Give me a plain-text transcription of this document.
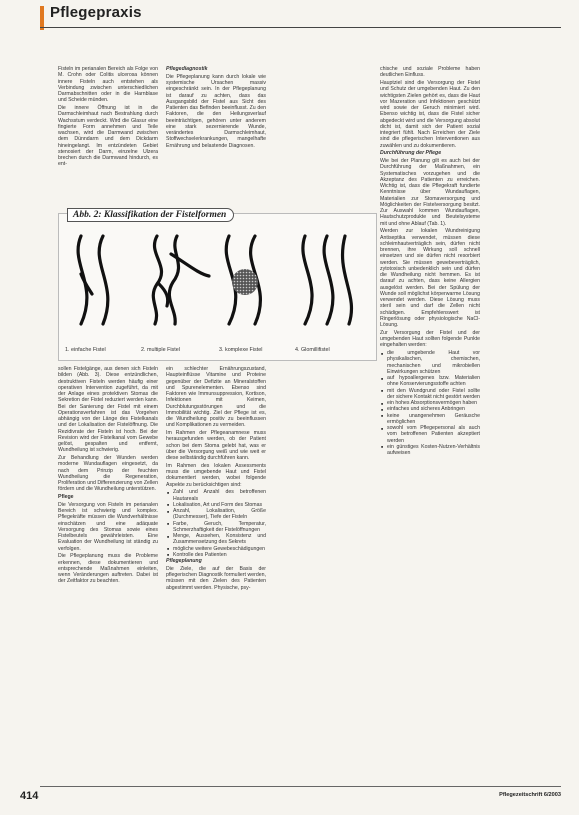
Pflegepraxis

Fisteln im perianalen Bereich als Folge von M. Crohn oder Colitis ulcerosa können innere Fisteln auch entstehen als Verbindung zwischen unterschiedlichen Darmabschnitten oder in die Harnblase und Scheide münden.

Die innere Öffnung ist in die Darmschleimhaut nach Bestrahlung durch Wachsstum verdeckt. Wird die Glasur eine fingierte Form annehmen und Teile wachsen, wird die Darmwand zwischen dem Dünndarm und dem Dickdarm hineingelangt. Im entzündeten Gebiet stenosiert der Darm, einzelne Ulzera brechen durch die Darmwand hindurch, es ent-

Pflegediagnostik

Die Pflegeplanung kann durch lokale wie systemische Ursachen massiv eingeschränkt sein. In der Pflegeplanung ist darauf zu achten, dass das Ausgangsbild der Fistel aus Sicht des Patienten das Befinden beeinflusst. Zu den Faktoren, die den Heilungsverlauf beeinträchtigen, gehören unter anderem eine stark sezernierende Wunde, verändertes Darmschleimhaut, Stoffwechselerkrankungen, mangelhafte Ernährung und belastende Diagnosen.

Abb. 2: Klassifikation der Fistelformen
1. einfache Fistel	2. multiple Fistel	3. komplexe Fistel	4. Glomillifistel

sollen Fistelgänge, aus denen sich Fisteln bilden (Abb. 3). Diese entzündlichen, destruktiven Fisteln werden häufig einer operativen Intervention zugeführt, da mit der Anlage eines protektiven Stomas die Sekretion der Fistel reduziert werden kann. Bei der Sanierung der Fistel mit einem Operationsverfahren ist das Vorgehen abhängig von der Länge des Fistelkanals und der Lokalisation der Fistelöffnung. Die Rezidivrate der Fisteln ist hoch. Bei der Revision wird der Fistelkanal vom Gewebe gelöst, gespalten und entfernt, Wundheilung ist schwierig.

Zur Behandlung der Wunden werden moderne Wundauflagen eingesetzt, da nach dem Prinzip der feuchten Wundheilung die Regeneration, Proliferation und Differenzierung von Zellen fördern und die Wundheilung unterstützen.

Pflege

Die Versorgung von Fisteln im perianalen Bereich ist schwierig und komplex. Pflegekräfte müssen die Wundverhältnisse einschätzen und eine adäquate Versorgung des Stomas sowie eines Fistelbeutels gewährleisten. Eine Evaluation der Wundheilung ist ständig zu verfolgen.

Die Pflegeplanung muss die Probleme erkennen, diese dokumentieren und entsprechende Maßnahmen einleiten, wenn Veränderungen auftreten. Dabei ist der Zeitfaktor zu beachten.

ein schlechter Ernährungszustand, Haupteinflüsse Vitamine und Proteine gegenüber der Defizite an Mineralstoffen und Spurenelementen. Ebenso sind Faktoren wie Immunsuppression, Kortison, Infektionen mit Keimen, Durchblutungsstörungen und die Immobilität wichtig. Ziel der Pflege ist es, die Wundheilung positiv zu beeinflussen und Komplikationen zu vermeiden.

Im Rahmen der Pflegeanamnese muss herausgefunden werden, ob der Patient schon bei dem Stoma gelebt hat, was er über die Versorgung weiß und wie weit er diese selbständig durchführen kann.

Im Rahmen des lokalen Assessments muss die umgebende Haut und Fistel dokumentiert werden, wobei folgende Aspekte zu berücksichtigen sind:

■ Zahl und Anzahl des betroffenen Hautareals
■ Lokalisation, Art und Form des Stomas
■ Anzahl, Lokalisation, Größe (Durchmesser), Tiefe der Fisteln
■ Farbe, Geruch, Temperatur, Schmerzhaftigkeit der Fistelöffnungen
■ Menge, Aussehen, Konsistenz und Zusammensetzung des Sekrets
■ mögliche weitere Gewebeschädigungen
■ Kontrolle des Patienten

Pflegeplanung

Die Ziele, die auf der Basis der pflegerischen Diagnostik formuliert werden, müssen mit den Zielen des Patienten abgestimmt werden. Physische, psy-

chische und soziale Probleme haben deutlichen Einfluss.

Hauptziel sind die Versorgung der Fistel und Schutz der umgebenden Haut. Zu den wichtigsten Zielen gehört es, dass die Haut vor Mazeration und Infektionen geschützt wird sowie der Geruch minimiert wird. Ebenso wichtig ist, dass die Fistel sicher abgedeckt wird und die Versorgung absolut dicht ist, damit sich der Patient sozial integriert fühlt. Nach Erreichen der Ziele sind die pflegerischen Interventionen aus zuwählen und zu dokumentieren.

Durchführung der Pflege

Wie bei der Planung gilt es auch bei der Durchführung der Maßnahmen, ein Systematisches vorzugehen und die Akzeptanz des Patienten zu erreichen. Wichtig ist, dass die Pflegekraft fundierte Kenntnisse über Wundauflagen, Materialien zur Stomaversorgung und Möglichkeiten der Fistelversorgung besitzt. Zur Auswahl kommen Wundauflagen, Hautschutzprodukte und Beutelsysteme mit und ohne Ablauf (Tab. 1).

Werden zur lokalen Wundreinigung Antiseptika verwendet, müssen diese schleimhautverträglich sein, dürfen nicht brennen, ihre Wirkung soll schnell einsetzen und sie dürfen nicht resorbiert werden. Sie müssen gewebeverträglich, zytotoxisch unbedenklich sein und dürfen die Wundheilung nicht hemmen. Es ist darauf zu achten, dass keine Allergien ausgelöst werden. Bei der Spülung der Wunde soll möglichst körperwarme Lösung verwendet werden. Diese Lösung muss steril sein und darf die Zellen nicht schädigen. Empfehlenswert ist Ringerlösung oder physiologische NaCl-Lösung.

Zur Versorgung der Fistel und der umgebenden Haut sollten folgende Punkte eingehalten werden:

■ die umgebende Haut vor physikalischen, chemischen, mechanischen und mikrobiellen Einwirkungen schützen
■ auf hypoallergenes bzw. Materialien ohne Konservierungsstoffe achten
■ mit den Wundgrund oder Fistel sollte der sichere Kontakt nicht gestört werden
■ ein hohes Absorptionsvermögen haben
■ einfaches und sicheres Anbringen
■ keine unangenehmen Geräusche ermöglichen
■ sowohl vom Pflegepersonal als auch vom betroffenen Patienten akzeptiert werden
■ ein günstiges Kosten-Nutzen-Verhältnis aufweisen
414	Pflegezeitschrift 6/2003
